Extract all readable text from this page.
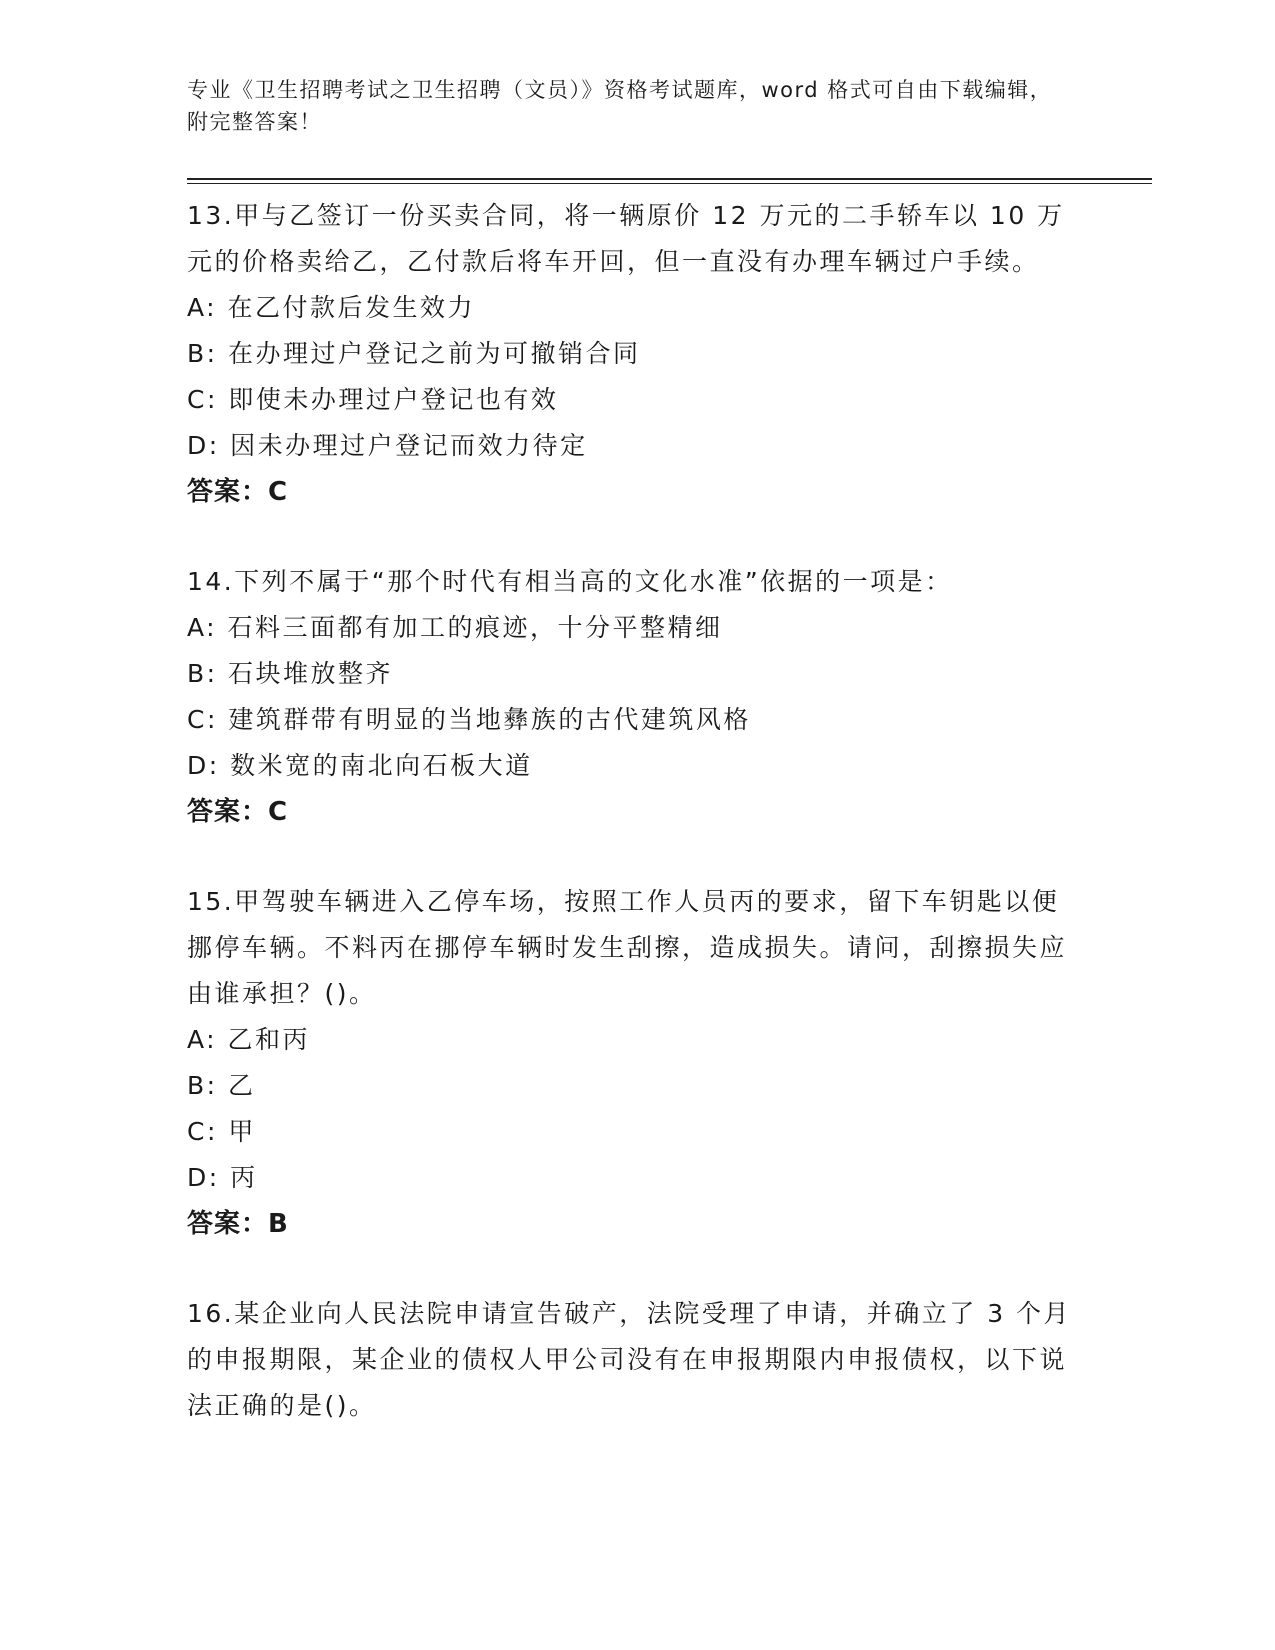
专业《卫生招聘考试之卫生招聘（文员）》资格考试题库，word 格式可自由下载编辑，附完整答案！

13.甲与乙签订一份买卖合同，将一辆原价 12 万元的二手轿车以 10 万元的价格卖给乙，乙付款后将车开回，但一直没有办理车辆过户手续。

A: 在乙付款后发生效力

B: 在办理过户登记之前为可撤销合同

C: 即使未办理过户登记也有效

D: 因未办理过户登记而效力待定

答案：C

14.下列不属于“那个时代有相当高的文化水准”依据的一项是：

A: 石料三面都有加工的痕迹，十分平整精细

B: 石块堆放整齐

C: 建筑群带有明显的当地彝族的古代建筑风格

D: 数米宽的南北向石板大道

答案：C

15.甲驾驶车辆进入乙停车场，按照工作人员丙的要求，留下车钥匙以便挪停车辆。不料丙在挪停车辆时发生刮擦，造成损失。请问，刮擦损失应由谁承担？()。

A: 乙和丙

B: 乙

C: 甲

D: 丙

答案：B

16.某企业向人民法院申请宣告破产，法院受理了申请，并确立了 3 个月的申报期限，某企业的债权人甲公司没有在申报期限内申报债权，以下说法正确的是()。
